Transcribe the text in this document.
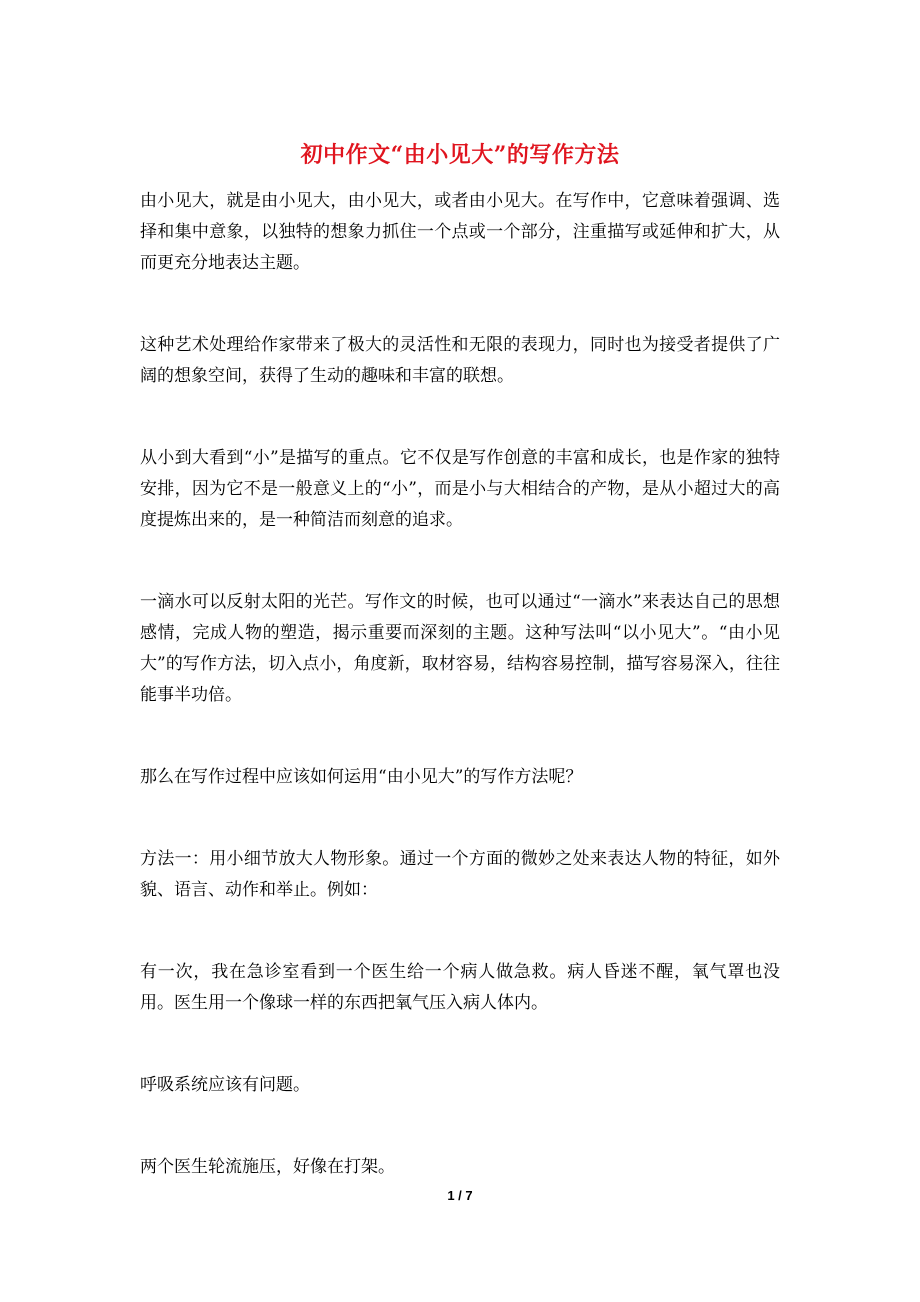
初中作文“由小见大”的写作方法

由小见大，就是由小见大，由小见大，或者由小见大。在写作中，它意味着强调、选择和集中意象，以独特的想象力抓住一个点或一个部分，注重描写或延伸和扩大，从而更充分地表达主题。

这种艺术处理给作家带来了极大的灵活性和无限的表现力，同时也为接受者提供了广阔的想象空间，获得了生动的趣味和丰富的联想。

从小到大看到“小”是描写的重点。它不仅是写作创意的丰富和成长，也是作家的独特安排，因为它不是一般意义上的“小”，而是小与大相结合的产物，是从小超过大的高度提炼出来的，是一种简洁而刻意的追求。

一滴水可以反射太阳的光芒。写作文的时候，也可以通过“一滴水”来表达自己的思想感情，完成人物的塑造，揭示重要而深刻的主题。这种写法叫“以小见大”。“由小见大”的写作方法，切入点小，角度新，取材容易，结构容易控制，描写容易深入，往往能事半功倍。

那么在写作过程中应该如何运用“由小见大”的写作方法呢？

方法一：用小细节放大人物形象。通过一个方面的微妙之处来表达人物的特征，如外貌、语言、动作和举止。例如：

有一次，我在急诊室看到一个医生给一个病人做急救。病人昏迷不醒，氧气罩也没用。医生用一个像球一样的东西把氧气压入病人体内。

呼吸系统应该有问题。

两个医生轮流施压，好像在打架。

1 / 7
